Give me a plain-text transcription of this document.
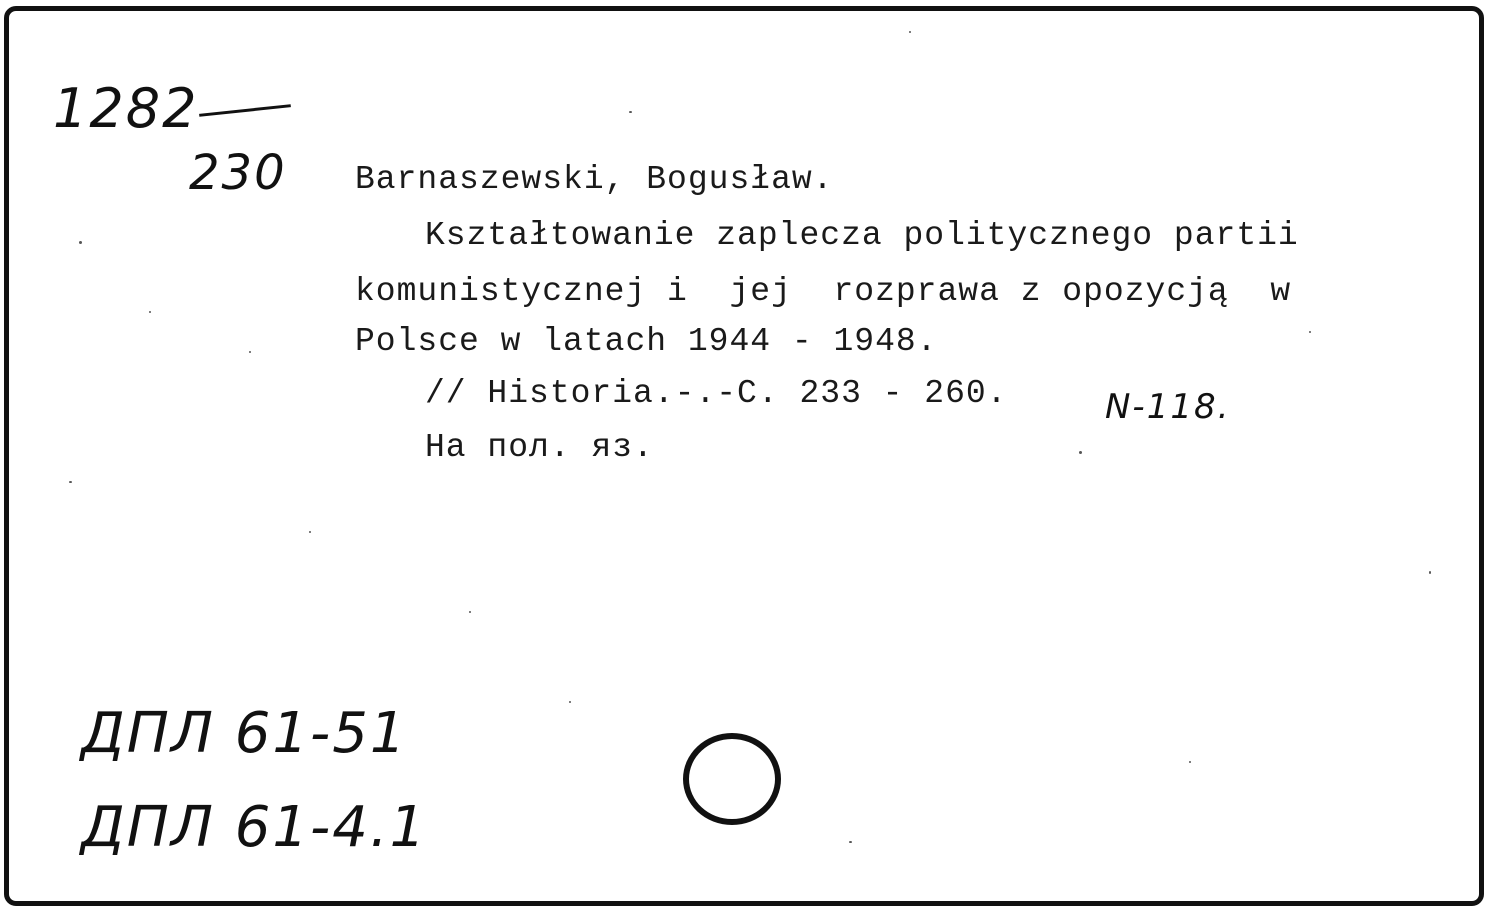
1282
230 Barnaszewski, Bogusław.
Kształtowanie zaplecza politycznego partii
komunistycznej i  jej  rozprawa z opozycją  w
Polsce w latach 1944 - 1948.
// Historia.-.-C. 233 - 260.	N-118.
На пол. яз.
ДПЛ 61-51
ДПЛ 61-4.1
